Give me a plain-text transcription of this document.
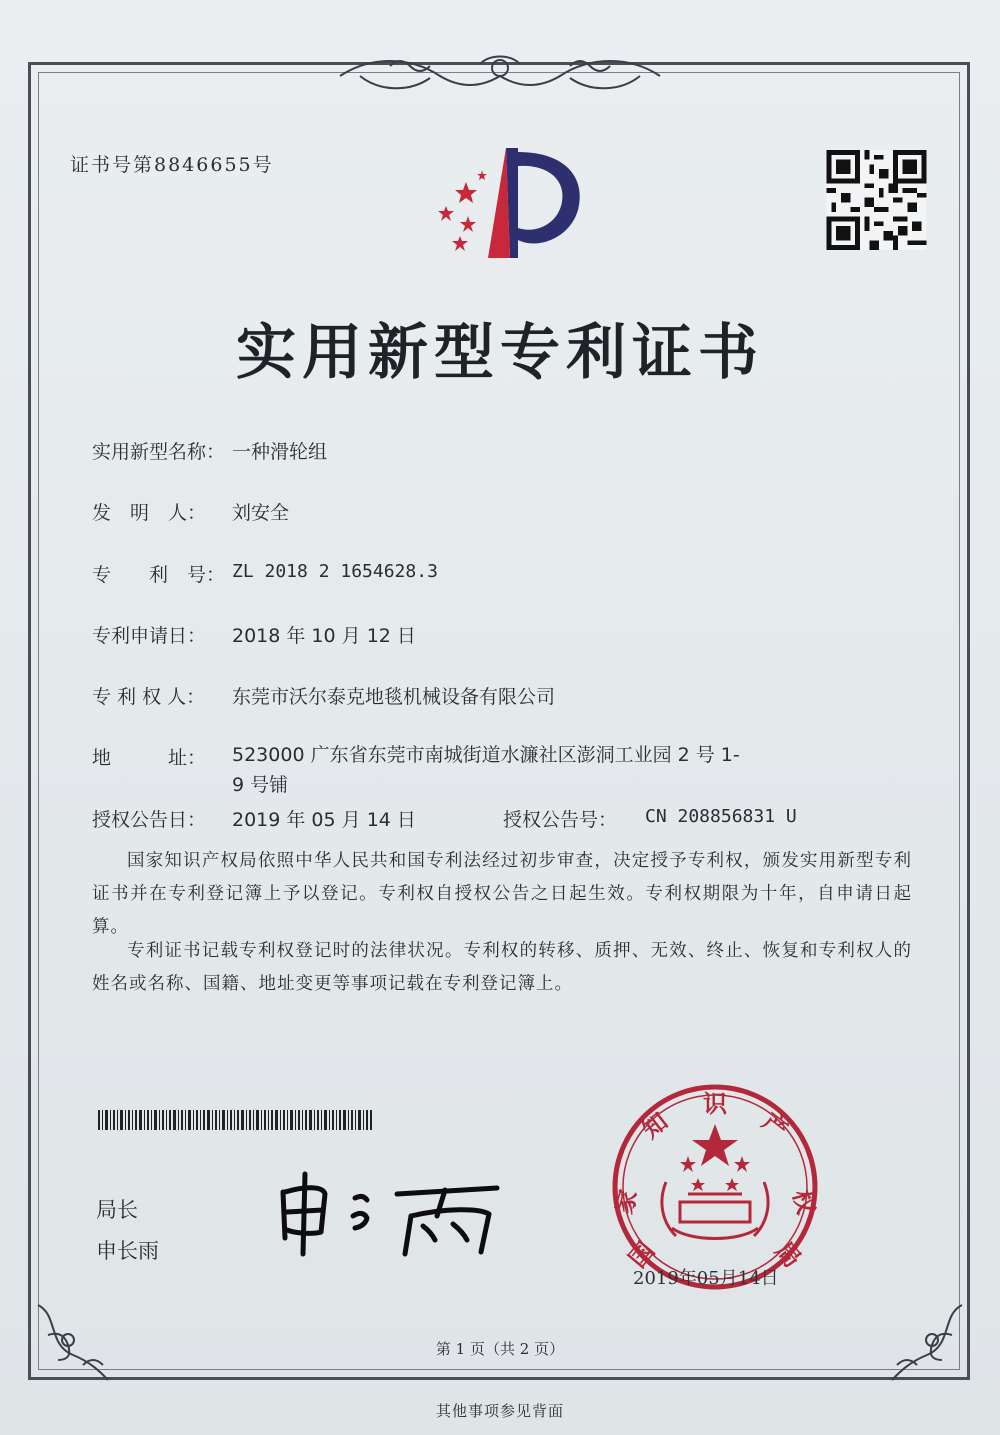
证书号第8846655号
实用新型专利证书
实用新型名称： 一种滑轮组
发　明　人： 刘安全
专　　利　号： ZL 2018 2 1654628.3
专利申请日： 2018 年 10 月 12 日
专 利 权 人： 东莞市沃尔泰克地毯机械设备有限公司
地　　　址： 523000 广东省东莞市南城街道水濂社区澎洞工业园 2 号 1-
9 号铺
授权公告日： 2019 年 05 月 14 日	授权公告号： CN 208856831 U
国家知识产权局依照中华人民共和国专利法经过初步审查，决定授予专利权，颁发实用新型专利证书并在专利登记簿上予以登记。专利权自授权公告之日起生效。专利权期限为十年，自申请日起算。
专利证书记载专利权登记时的法律状况。专利权的转移、质押、无效、终止、恢复和专利权人的姓名或名称、国籍、地址变更等事项记载在专利登记簿上。
局长
申长雨	国
家
知
识
产
权
局
2019年05月14日
第 1 页（共 2 页）
其他事项参见背面
